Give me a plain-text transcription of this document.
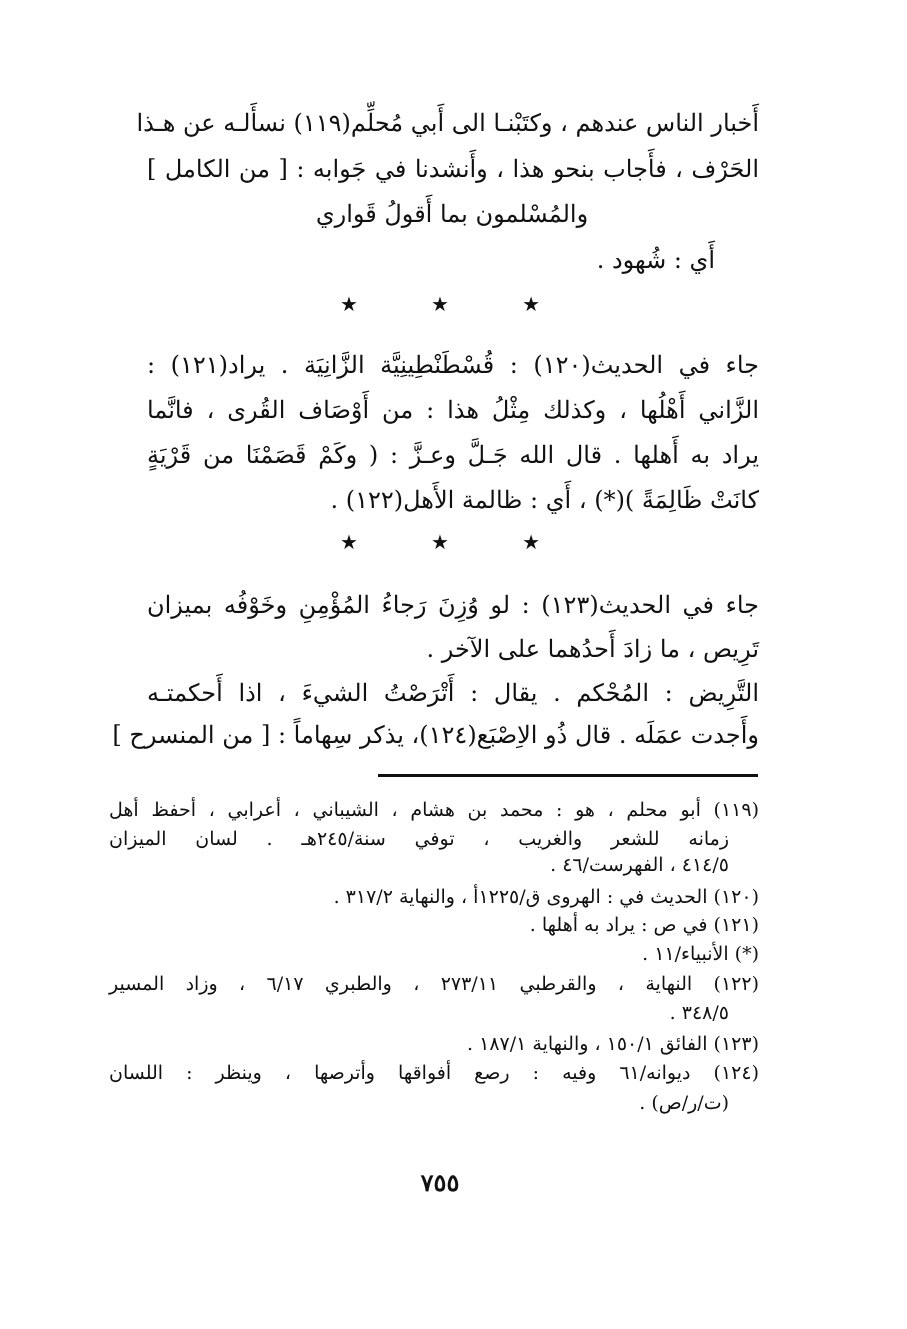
أَخبار الناس عندهم ، وكتَبْنـا الى أَبي مُحلِّم(١١٩) نسأَلـه عن هـذا
الحَرْف ، فأَجاب بنحو هذا ، وأَنشدنا في جَوابه : [ من الكامل ]
والمُسْلمون بما أَقولُ قَواري
أَي : شُهود .
★	★	★
جاء في الحديث(١٢٠) : قُسْطَنْطِينِيَّة الزَّانِيَة . يراد(١٢١) :
الزَّاني أَهْلُها ، وكذلك مِثْلُ هذا : من أَوْصَاف القُرى ، فانَّما
يراد به أَهلها . قال الله جَـلَّ وعـزَّ : ( وكَمْ قَصَمْنَا من قَرْيَةٍ
كانَتْ ظَالِمَةً )(*) ، أَي : ظالمة الأَهل(١٢٢) .
★	★	★
جاء في الحديث(١٢٣) : لو وُزِنَ رَجاءُ المُؤْمِنِ وخَوْفُه بميزان
تَرِيص ، ما زادَ أَحدُهما على الآخر .
التَّرِيض : المُحْكم . يقال : أَتْرَصْتُ الشيءَ ، اذا أَحكمتـه
وأَجدت عمَلَه . قال ذُو الاِصْبَع(١٢٤)، يذكر سِهاماً : [ من المنسرح ]
(١١٩) أبو محلم ، هو : محمد بن هشام ، الشيباني ، أعرابي ، أحفظ أهل
زمانه للشعر والغريب ، توفي سنة/٢٤٥هـ . لسان الميزان
٤١٤/٥ ، الفهرست/٤٦ .
(١٢٠) الحديث في : الهروى ق/١٢٢٥أ ، والنهاية ٣١٧/٢ .
(١٢١) في ص : يراد به أهلها .
(*) الأنبياء/١١ .
(١٢٢) النهاية ، والقرطبي ٢٧٣/١١ ، والطبري ٦/١٧ ، وزاد المسير
٣٤٨/٥ .
(١٢٣) الفائق ١٥٠/١ ، والنهاية ١٨٧/١ .
(١٢٤) ديوانه/٦١ وفيه : رصع أفواقها وأترصها ، وينظر : اللسان
(ت/ر/ص) .
٧٥٥
